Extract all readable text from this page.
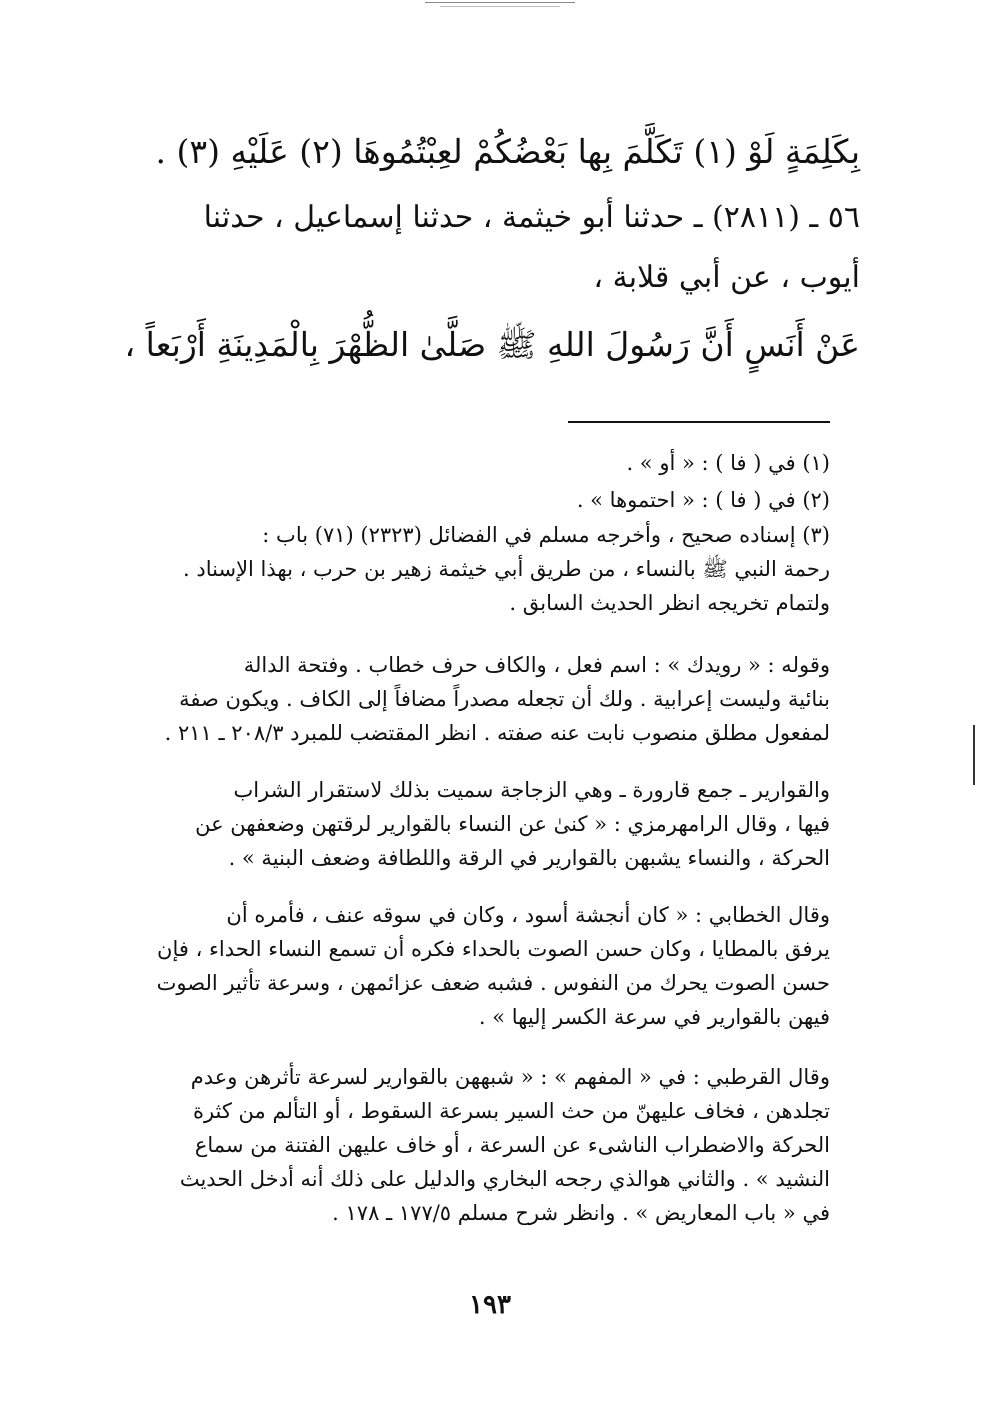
بِكَلِمَةٍ لَوْ (١) تَكَلَّمَ بِها بَعْضُكُمْ لعِبْتُمُوهَا (٢) عَلَيْهِ (٣) .
٥٦ ـ (٢٨١١) ـ حدثنا أبو خيثمة ، حدثنا إسماعيل ، حدثنا
أيوب ، عن أبي قلابة ،
عَنْ أَنَسٍ أَنَّ رَسُولَ اللهِ ﷺ صَلَّىٰ الظُّهْرَ بِالْمَدِينَةِ أَرْبَعاً ،
(١) في ( فا ) : « أو » .
(٢) في ( فا ) : « احتموها » .

(٣) إسناده صحيح ، وأخرجه مسلم في الفضائل (٢٣٢٣) (٧١) باب :

رحمة النبي ﷺ بالنساء ، من طريق أبي خيثمة زهير بن حرب ، بهذا الإسناد .

ولتمام تخريجه انظر الحديث السابق .

وقوله : « رويدك » : اسم فعل ، والكاف حرف خطاب . وفتحة الدالة

بنائية وليست إعرابية . ولك أن تجعله مصدراً مضافاً إلى الكاف . ويكون صفة

لمفعول مطلق منصوب نابت عنه صفته . انظر المقتضب للمبرد ٢٠٨/٣ ـ ٢١١ .

والقوارير ـ جمع قارورة ـ وهي الزجاجة سميت بذلك لاستقرار الشراب

فيها ، وقال الرامهرمزي : « كنىٰ عن النساء بالقوارير لرقتهن وضعفهن عن

الحركة ، والنساء يشبهن بالقوارير في الرقة واللطافة وضعف البنية » .

وقال الخطابي : « كان أنجشة أسود ، وكان في سوقه عنف ، فأمره أن

يرفق بالمطايا ، وكان حسن الصوت بالحداء فكره أن تسمع النساء الحداء ، فإن

حسن الصوت يحرك من النفوس . فشبه ضعف عزائمهن ، وسرعة تأثير الصوت

فيهن بالقوارير في سرعة الكسر إليها » .

وقال القرطبي : في « المفهم » : « شبههن بالقوارير لسرعة تأثرهن وعدم

تجلدهن ، فخاف عليهنّ من حث السير بسرعة السقوط ، أو التألم من كثرة

الحركة والاضطراب الناشىء عن السرعة ، أو خاف عليهن الفتنة من سماع

النشيد » . والثاني هوالذي رجحه البخاري والدليل على ذلك أنه أدخل الحديث

في « باب المعاريض » . وانظر شرح مسلم ١٧٧/٥ ـ ١٧٨ .

١٩٣
